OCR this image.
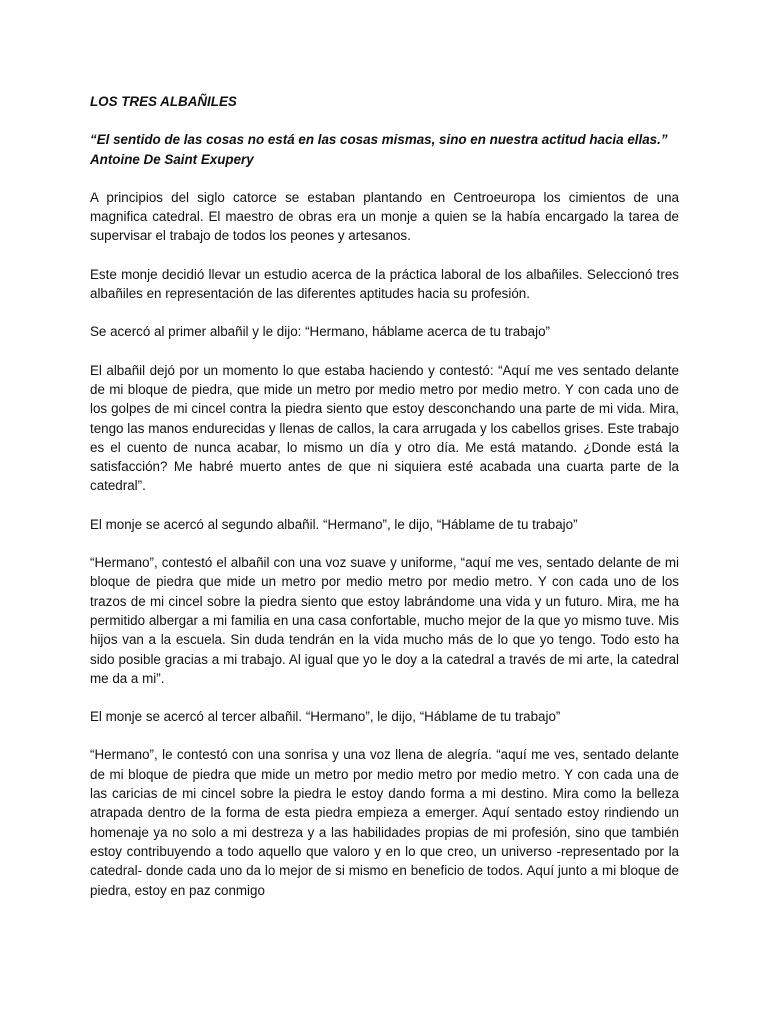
LOS TRES ALBAÑILES

“El sentido de las cosas no está en las cosas mismas, sino en nuestra actitud hacia ellas.”

Antoine De Saint Exupery

A principios del siglo catorce se estaban plantando en Centroeuropa los cimientos de una magnifica catedral. El maestro de obras era un monje a quien se la había encargado la tarea de supervisar el trabajo de todos los peones y artesanos.

Este monje decidió llevar un estudio acerca de la práctica laboral de los albañiles. Seleccionó tres albañiles en representación de las diferentes aptitudes hacia su profesión.

Se acercó al primer albañil y le dijo: “Hermano, háblame acerca de tu trabajo”

El albañil dejó por un momento lo que estaba haciendo y contestó: “Aquí me ves sentado delante de mi bloque de piedra, que mide un metro por medio metro por medio metro. Y con cada uno de los golpes de mi cincel contra la piedra siento que estoy desconchando una parte de mi vida. Mira, tengo las manos endurecidas y llenas de callos, la cara arrugada y los cabellos grises. Este trabajo es el cuento de nunca acabar, lo mismo un día y otro día. Me está matando. ¿Donde está la satisfacción? Me habré muerto antes de que ni siquiera esté acabada una cuarta parte de la catedral”.

El monje se acercó al segundo albañil. “Hermano”, le dijo, “Háblame de tu trabajo”

“Hermano”, contestó el albañil con una voz suave y uniforme, “aquí me ves, sentado delante de mi bloque de piedra que mide un metro por medio metro por medio metro. Y con cada uno de los trazos de mi cincel sobre la piedra siento que estoy labrándome una vida y un futuro. Mira, me ha permitido albergar a mi familia en una casa confortable, mucho mejor de la que yo mismo tuve. Mis hijos van a la escuela. Sin duda tendrán en la vida mucho más de lo que yo tengo. Todo esto ha sido posible gracias a mi trabajo. Al igual que yo le doy a la catedral a través de mi arte, la catedral me da a mi”.

El monje se acercó al tercer albañil. “Hermano”, le dijo, “Háblame de tu trabajo”

“Hermano”, le contestó con una sonrisa y una voz llena de alegría. “aquí me ves, sentado delante de mi bloque de piedra que mide un metro por medio metro por medio metro. Y con cada una de las caricias de mi cincel sobre la piedra le estoy dando forma a mi destino. Mira como la belleza atrapada dentro de la forma de esta piedra empieza a emerger. Aquí sentado estoy rindiendo un homenaje ya no solo a mi destreza y a las habilidades propias de mi profesión, sino que también estoy contribuyendo a todo aquello que valoro y en lo que creo, un universo -representado por la catedral- donde cada uno da lo mejor de si mismo en beneficio de todos. Aquí junto a mi bloque de piedra, estoy en paz conmigo
